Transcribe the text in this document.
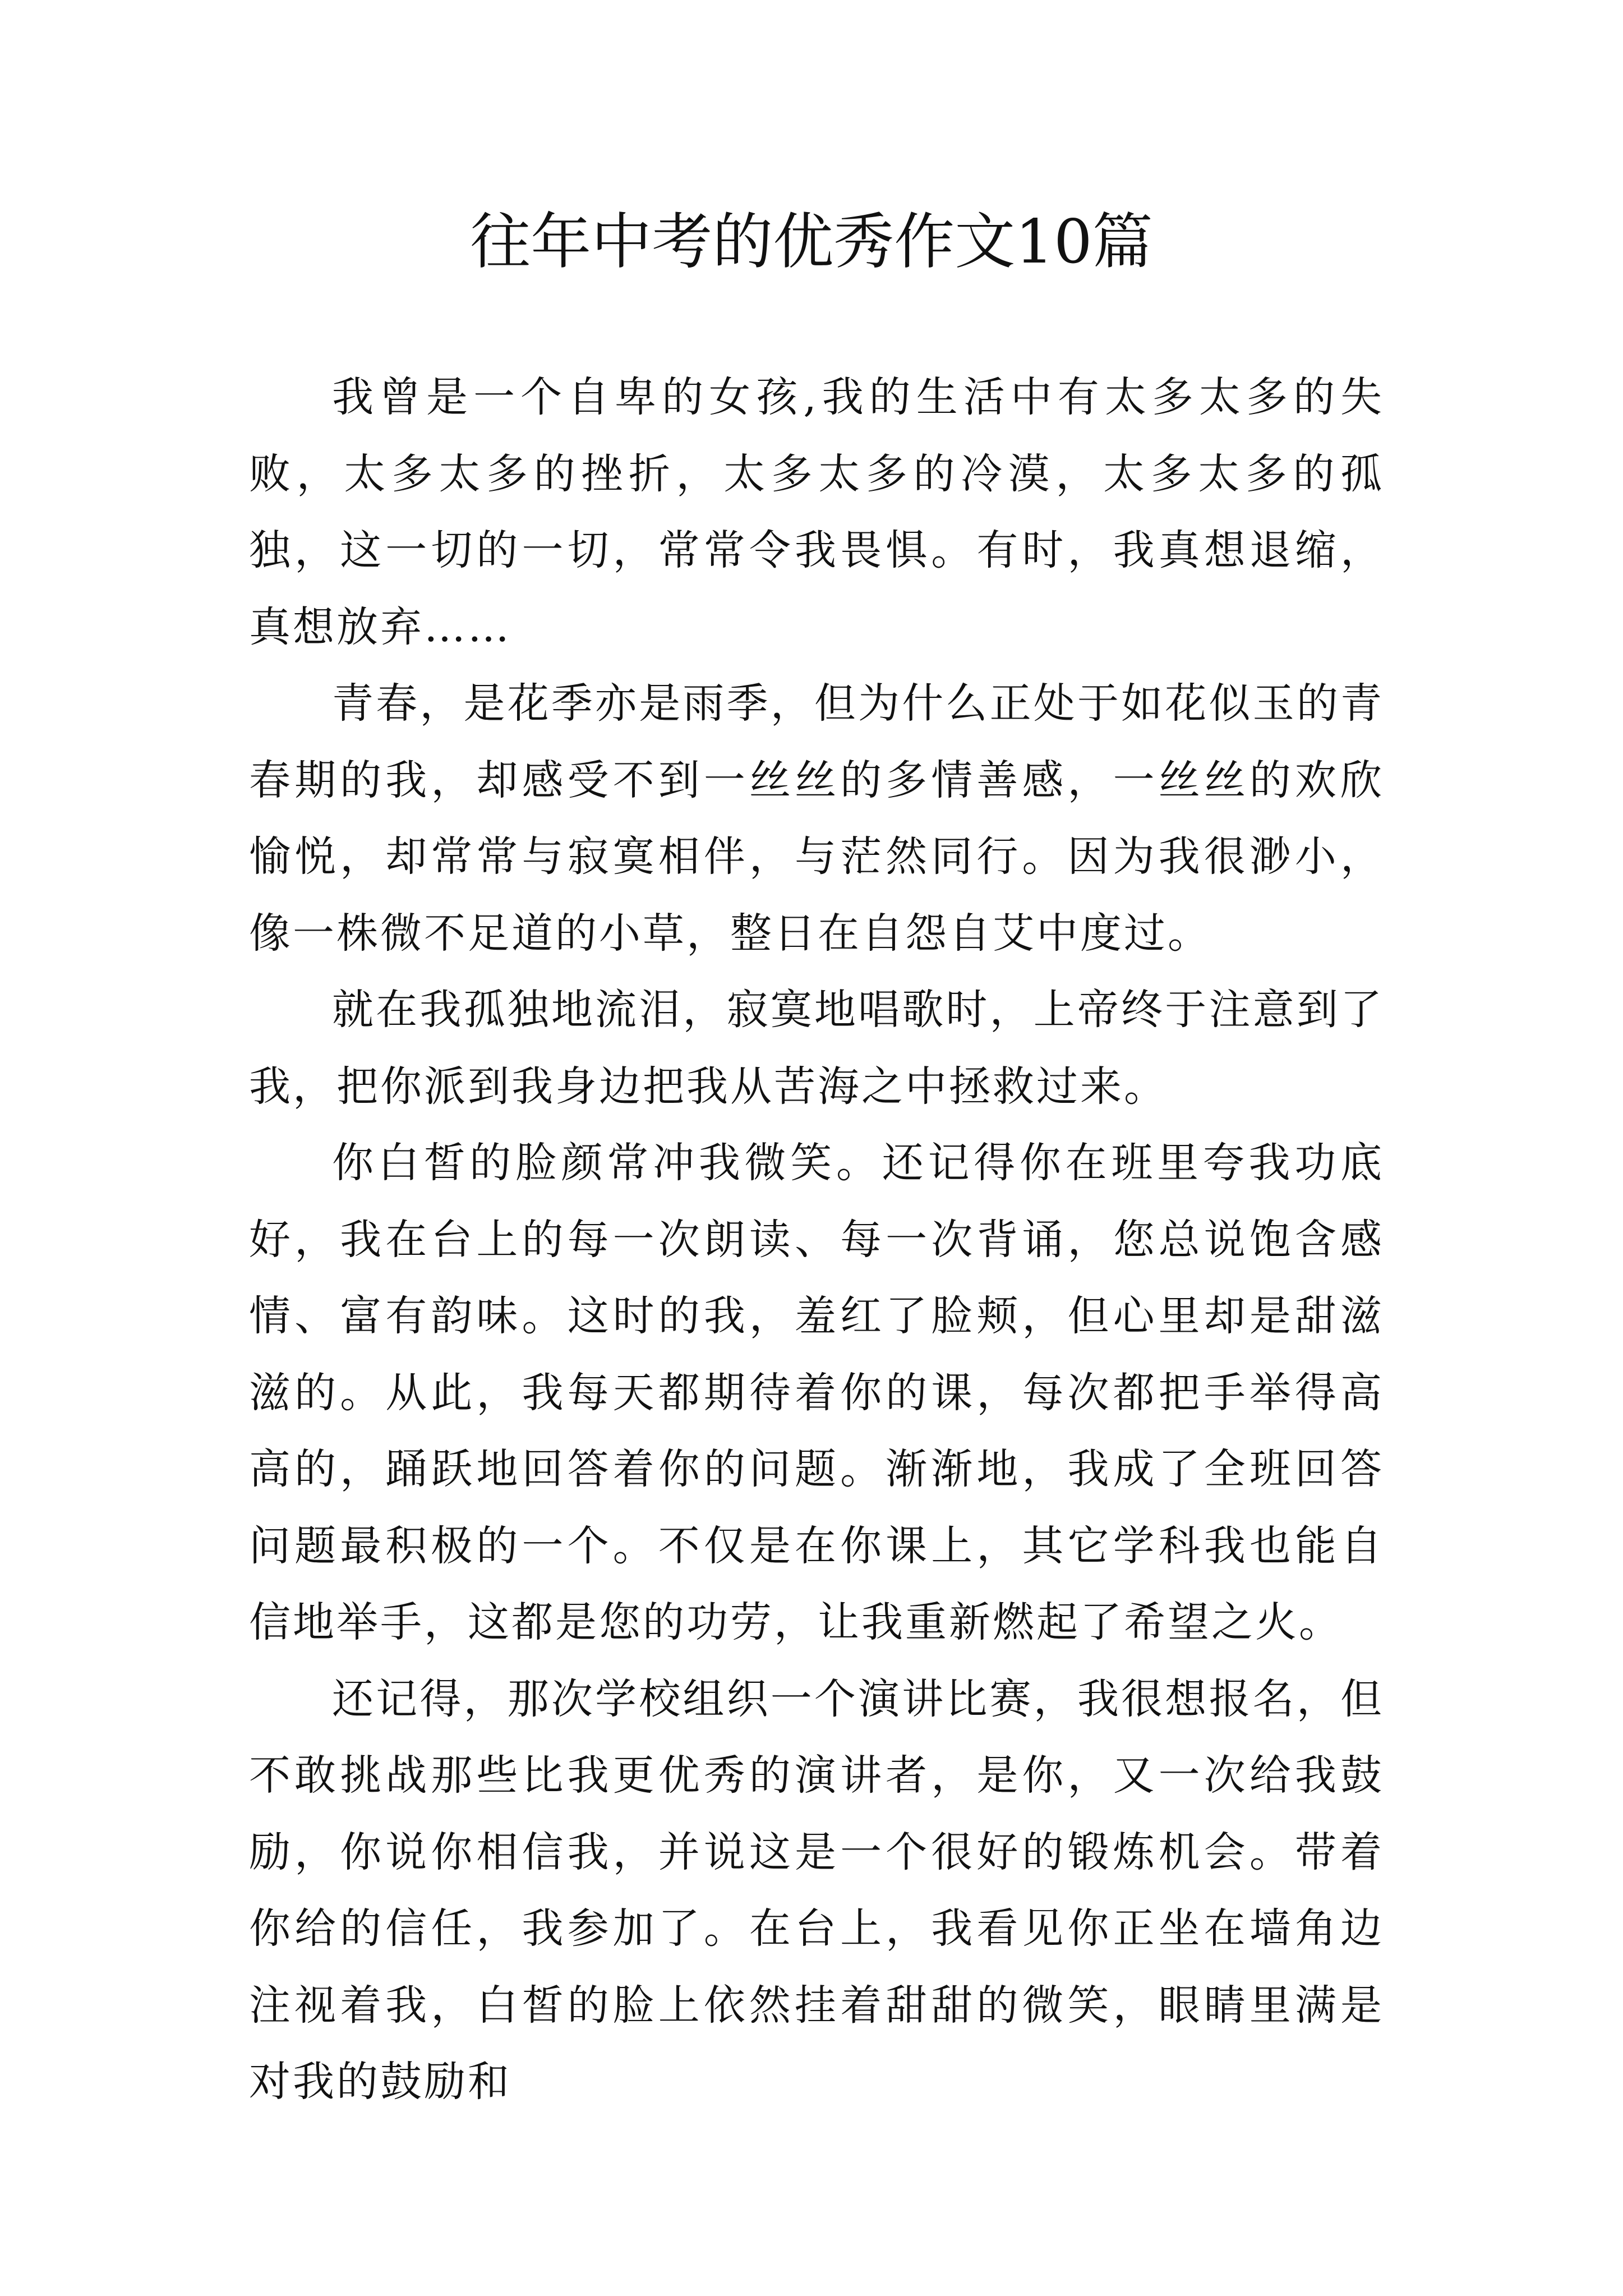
往年中考的优秀作文10篇

我曾是一个自卑的女孩,我的生活中有太多太多的失败，太多太多的挫折，太多太多的冷漠，太多太多的孤独，这一切的一切，常常令我畏惧。有时，我真想退缩，真想放弃……

青春，是花季亦是雨季，但为什么正处于如花似玉的青春期的我，却感受不到一丝丝的多情善感，一丝丝的欢欣愉悦，却常常与寂寞相伴，与茫然同行。因为我很渺小，像一株微不足道的小草，整日在自怨自艾中度过。

就在我孤独地流泪，寂寞地唱歌时，上帝终于注意到了我，把你派到我身边把我从苦海之中拯救过来。

你白皙的脸颜常冲我微笑。还记得你在班里夸我功底好，我在台上的每一次朗读、每一次背诵，您总说饱含感情、富有韵味。这时的我，羞红了脸颊，但心里却是甜滋滋的。从此，我每天都期待着你的课，每次都把手举得高高的，踊跃地回答着你的问题。渐渐地，我成了全班回答问题最积极的一个。不仅是在你课上，其它学科我也能自信地举手，这都是您的功劳，让我重新燃起了希望之火。

还记得，那次学校组织一个演讲比赛，我很想报名，但不敢挑战那些比我更优秀的演讲者，是你，又一次给我鼓励，你说你相信我，并说这是一个很好的锻炼机会。带着你给的信任，我参加了。在台上，我看见你正坐在墙角边注视着我，白皙的脸上依然挂着甜甜的微笑，眼睛里满是对我的鼓励和
